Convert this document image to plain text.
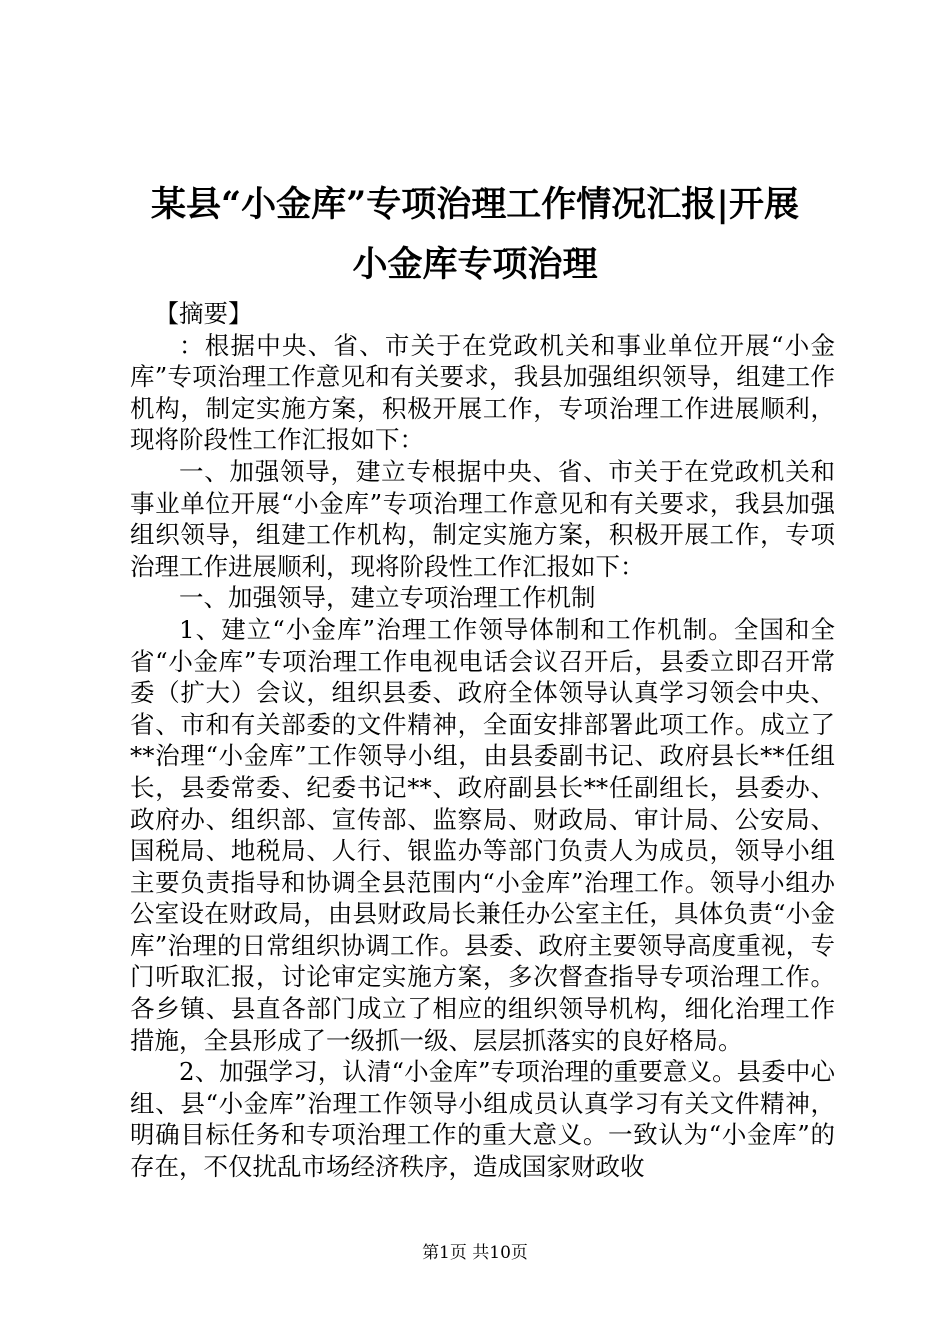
某县“小金库”专项治理工作情况汇报|开展
小金库专项治理

【摘要】

：根据中央、省、市关于在党政机关和事业单位开展“小金库”专项治理工作意见和有关要求，我县加强组织领导，组建工作机构，制定实施方案，积极开展工作，专项治理工作进展顺利，现将阶段性工作汇报如下：

一、加强领导，建立专根据中央、省、市关于在党政机关和事业单位开展“小金库”专项治理工作意见和有关要求，我县加强组织领导，组建工作机构，制定实施方案，积极开展工作，专项治理工作进展顺利，现将阶段性工作汇报如下：

一、加强领导，建立专项治理工作机制

1、建立“小金库”治理工作领导体制和工作机制。全国和全省“小金库”专项治理工作电视电话会议召开后，县委立即召开常委（扩大）会议，组织县委、政府全体领导认真学习领会中央、省、市和有关部委的文件精神，全面安排部署此项工作。成立了**治理“小金库”工作领导小组，由县委副书记、政府县长**任组长，县委常委、纪委书记**、政府副县长**任副组长，县委办、政府办、组织部、宣传部、监察局、财政局、审计局、公安局、国税局、地税局、人行、银监办等部门负责人为成员，领导小组主要负责指导和协调全县范围内“小金库”治理工作。领导小组办公室设在财政局，由县财政局长兼任办公室主任，具体负责“小金库”治理的日常组织协调工作。县委、政府主要领导高度重视，专门听取汇报，讨论审定实施方案，多次督查指导专项治理工作。各乡镇、县直各部门成立了相应的组织领导机构，细化治理工作措施，全县形成了一级抓一级、层层抓落实的良好格局。

2、加强学习，认清“小金库”专项治理的重要意义。县委中心组、县“小金库”治理工作领导小组成员认真学习有关文件精神，明确目标任务和专项治理工作的重大意义。一致认为“小金库”的存在，不仅扰乱市场经济秩序，造成国家财政收

第1页 共10页
